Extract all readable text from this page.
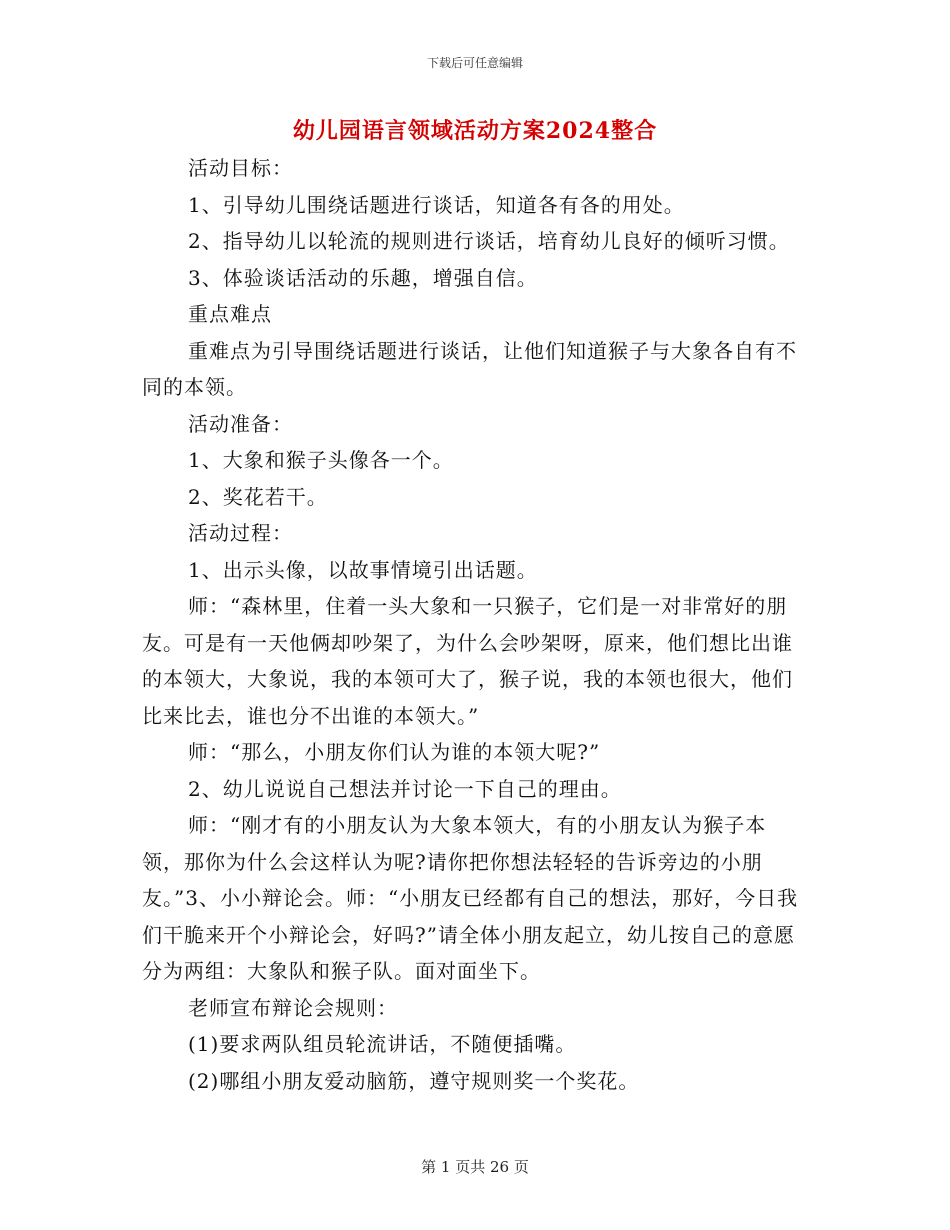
下载后可任意编辑
幼儿园语言领域活动方案2024整合

活动目标：

1、引导幼儿围绕话题进行谈话，知道各有各的用处。

2、指导幼儿以轮流的规则进行谈话，培育幼儿良好的倾听习惯。

3、体验谈话活动的乐趣，增强自信。

重点难点

重难点为引导围绕话题进行谈话，让他们知道猴子与大象各自有不同的本领。

活动准备：

1、大象和猴子头像各一个。

2、奖花若干。

活动过程：

1、出示头像，以故事情境引出话题。

师：“森林里，住着一头大象和一只猴子，它们是一对非常好的朋友。可是有一天他俩却吵架了，为什么会吵架呀，原来，他们想比出谁的本领大，大象说，我的本领可大了，猴子说，我的本领也很大，他们比来比去，谁也分不出谁的本领大。”

师：“那么，小朋友你们认为谁的本领大呢?”

2、幼儿说说自己想法并讨论一下自己的理由。

师：“刚才有的小朋友认为大象本领大，有的小朋友认为猴子本领，那你为什么会这样认为呢?请你把你想法轻轻的告诉旁边的小朋友。”3、小小辩论会。师：“小朋友已经都有自己的想法，那好，今日我们干脆来开个小辩论会，好吗?”请全体小朋友起立，幼儿按自己的意愿分为两组：大象队和猴子队。面对面坐下。

老师宣布辩论会规则：

(1)要求两队组员轮流讲话，不随便插嘴。

(2)哪组小朋友爱动脑筋，遵守规则奖一个奖花。

第 1 页共 26 页
